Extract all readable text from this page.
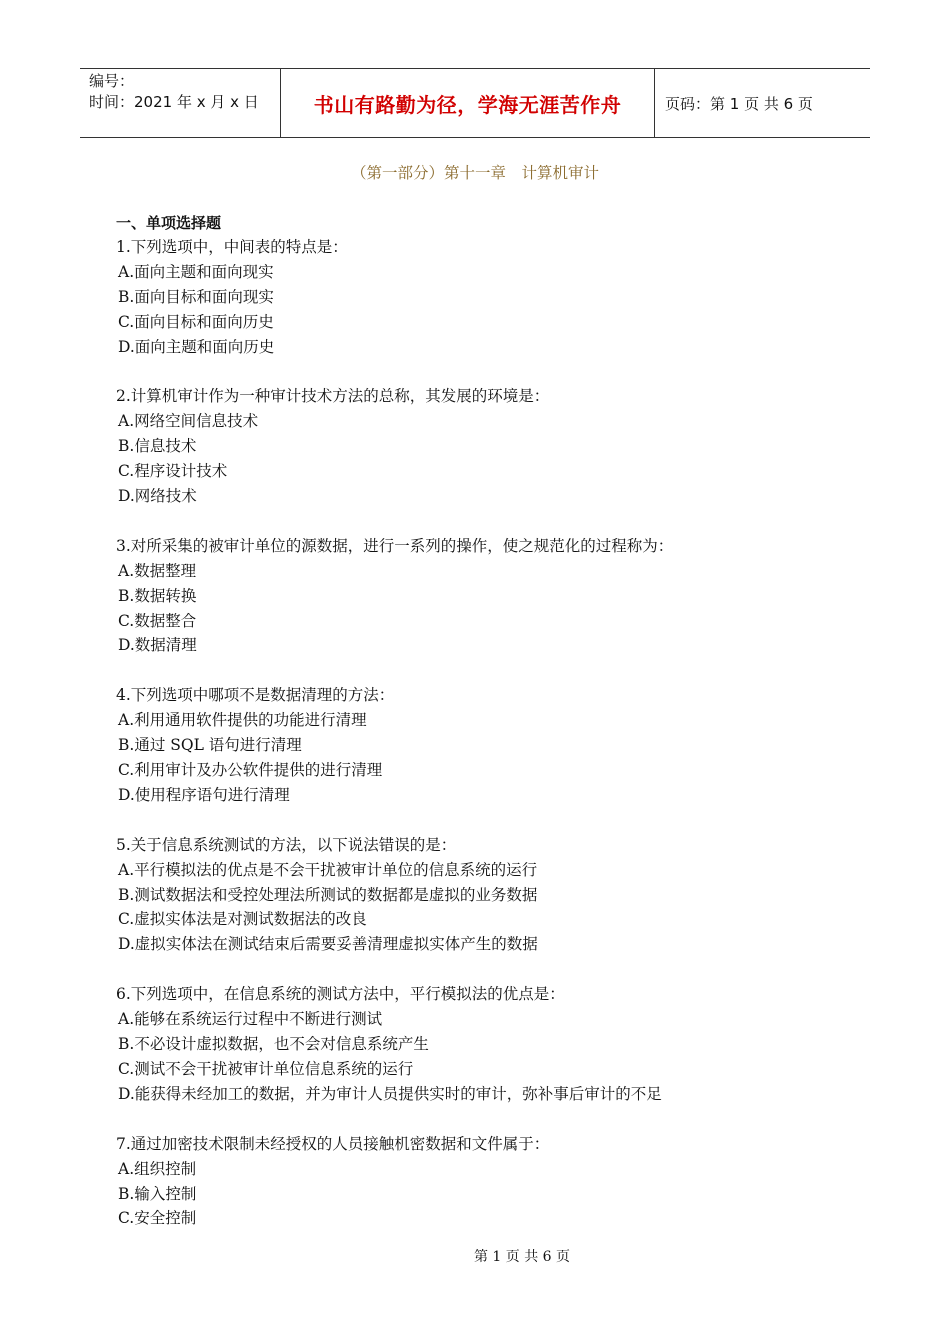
编号：
时间：2021 年 x 月 x 日	书山有路勤为径，学海无涯苦作舟	页码：第 1 页 共 6 页
（第一部分）第十一章　计算机审计
一、单项选择题
1.下列选项中，中间表的特点是：
A.面向主题和面向现实
B.面向目标和面向现实
C.面向目标和面向历史
D.面向主题和面向历史
2.计算机审计作为一种审计技术方法的总称，其发展的环境是：
A.网络空间信息技术
B.信息技术
C.程序设计技术
D.网络技术
3.对所采集的被审计单位的源数据，进行一系列的操作，使之规范化的过程称为：
A.数据整理
B.数据转换
C.数据整合
D.数据清理
4.下列选项中哪项不是数据清理的方法：
A.利用通用软件提供的功能进行清理
B.通过 SQL 语句进行清理
C.利用审计及办公软件提供的进行清理
D.使用程序语句进行清理
5.关于信息系统测试的方法，以下说法错误的是：
A.平行模拟法的优点是不会干扰被审计单位的信息系统的运行
B.测试数据法和受控处理法所测试的数据都是虚拟的业务数据
C.虚拟实体法是对测试数据法的改良
D.虚拟实体法在测试结束后需要妥善清理虚拟实体产生的数据
6.下列选项中，在信息系统的测试方法中，平行模拟法的优点是：
A.能够在系统运行过程中不断进行测试
B.不必设计虚拟数据，也不会对信息系统产生
C.测试不会干扰被审计单位信息系统的运行
D.能获得未经加工的数据，并为审计人员提供实时的审计，弥补事后审计的不足
7.通过加密技术限制未经授权的人员接触机密数据和文件属于：
A.组织控制
B.输入控制
C.安全控制
第 1 页 共 6 页
